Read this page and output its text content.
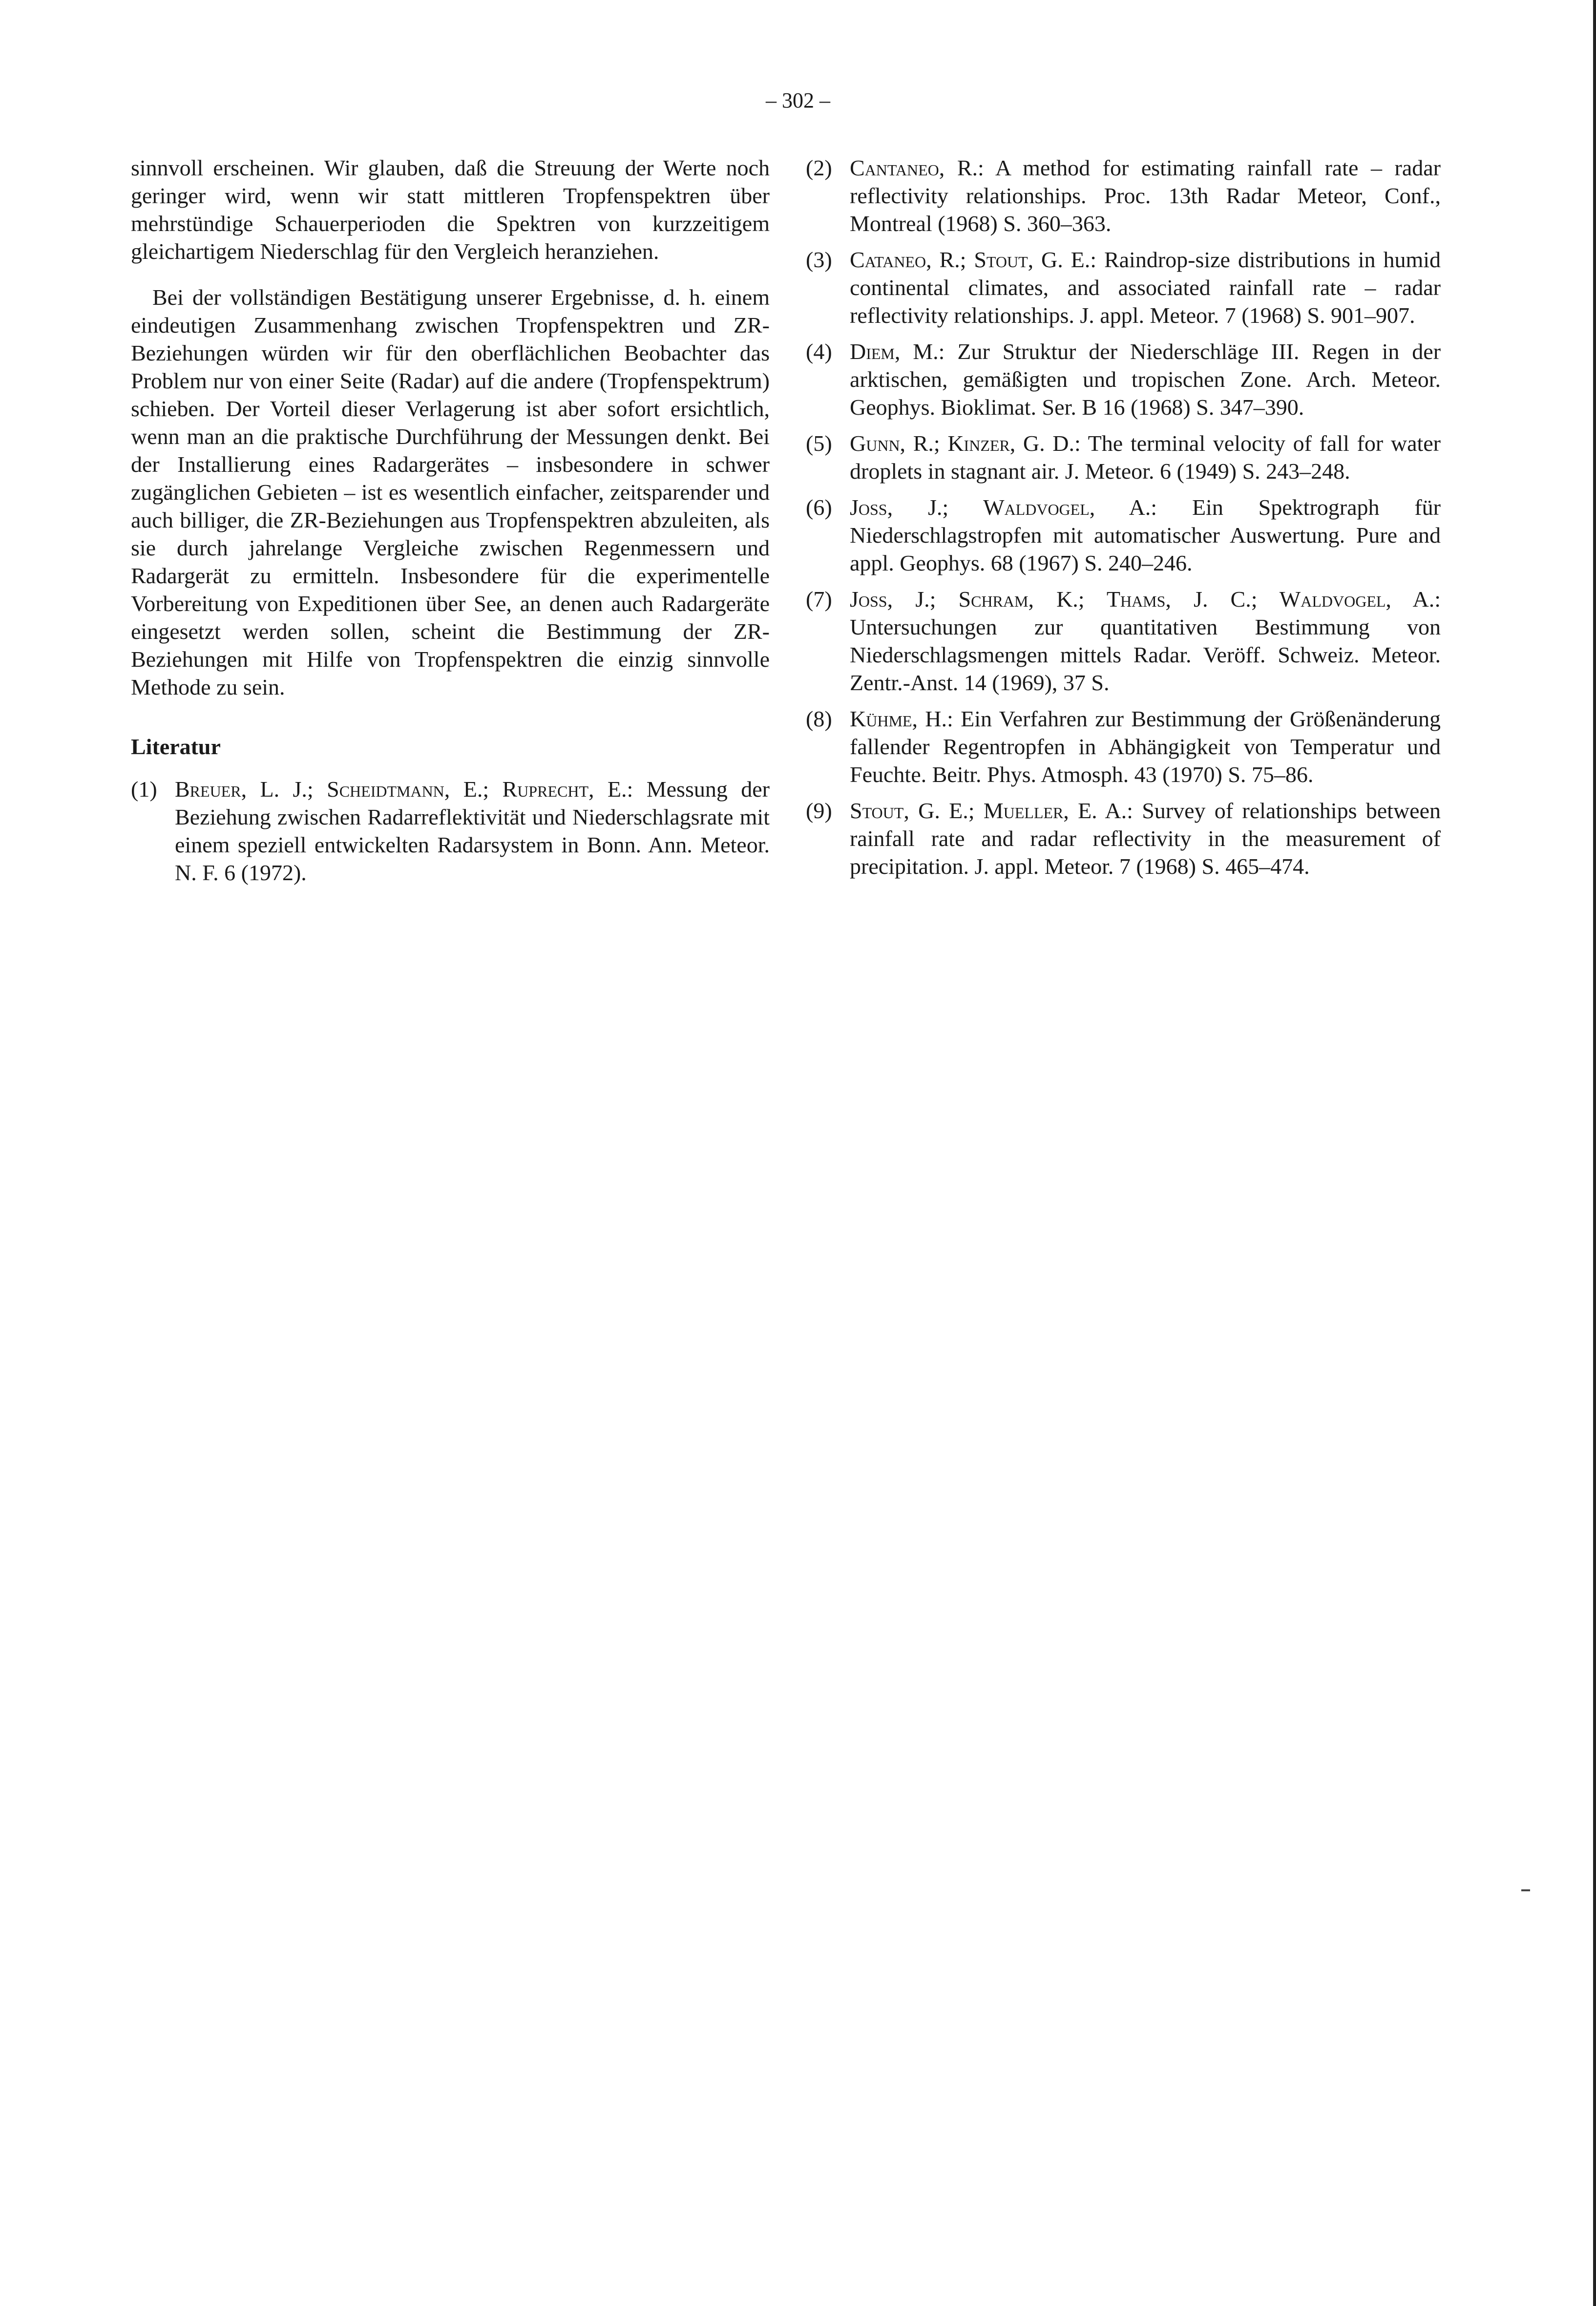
– 302 –

sinnvoll erscheinen. Wir glauben, daß die Streuung der Werte noch geringer wird, wenn wir statt mittleren Tropfenspektren über mehrstündige Schauerperioden die Spektren von kurzzeitigem gleichartigem Niederschlag für den Vergleich heranziehen.

Bei der vollständigen Bestätigung unserer Ergebnisse, d. h. einem eindeutigen Zusammenhang zwischen Tropfenspektren und ZR-Beziehungen würden wir für den oberflächlichen Beobachter das Problem nur von einer Seite (Radar) auf die andere (Tropfenspektrum) schieben. Der Vorteil dieser Verlagerung ist aber sofort ersichtlich, wenn man an die praktische Durchführung der Messungen denkt. Bei der Installierung eines Radargerätes – insbesondere in schwer zugänglichen Gebieten – ist es wesentlich einfacher, zeitsparender und auch billiger, die ZR-Beziehungen aus Tropfenspektren abzuleiten, als sie durch jahrelange Vergleiche zwischen Regenmessern und Radargerät zu ermitteln. Insbesondere für die experimentelle Vorbereitung von Expeditionen über See, an denen auch Radargeräte eingesetzt werden sollen, scheint die Bestimmung der ZR-Beziehungen mit Hilfe von Tropfenspektren die einzig sinnvolle Methode zu sein.

Literatur
(1) Breuer, L. J.; Scheidtmann, E.; Ruprecht, E.: Messung der Beziehung zwischen Radarreflektivität und Niederschlagsrate mit einem speziell entwickelten Radarsystem in Bonn. Ann. Meteor. N. F. 6 (1972).
(2) Cantaneo, R.: A method for estimating rainfall rate – radar reflectivity relationships. Proc. 13th Radar Meteor, Conf., Montreal (1968) S. 360–363.
(3) Cataneo, R.; Stout, G. E.: Raindrop-size distributions in humid continental climates, and associated rainfall rate – radar reflectivity relationships. J. appl. Meteor. 7 (1968) S. 901–907.
(4) Diem, M.: Zur Struktur der Niederschläge III. Regen in der arktischen, gemäßigten und tropischen Zone. Arch. Meteor. Geophys. Bioklimat. Ser. B 16 (1968) S. 347–390.
(5) Gunn, R.; Kinzer, G. D.: The terminal velocity of fall for water droplets in stagnant air. J. Meteor. 6 (1949) S. 243–248.
(6) Joss, J.; Waldvogel, A.: Ein Spektrograph für Niederschlagstropfen mit automatischer Auswertung. Pure and appl. Geophys. 68 (1967) S. 240–246.
(7) Joss, J.; Schram, K.; Thams, J. C.; Waldvogel, A.: Untersuchungen zur quantitativen Bestimmung von Niederschlagsmengen mittels Radar. Veröff. Schweiz. Meteor. Zentr.-Anst. 14 (1969), 37 S.
(8) Kühme, H.: Ein Verfahren zur Bestimmung der Größenänderung fallender Regentropfen in Abhängigkeit von Temperatur und Feuchte. Beitr. Phys. Atmosph. 43 (1970) S. 75–86.
(9) Stout, G. E.; Mueller, E. A.: Survey of relationships between rainfall rate and radar reflectivity in the measurement of precipitation. J. appl. Meteor. 7 (1968) S. 465–474.
